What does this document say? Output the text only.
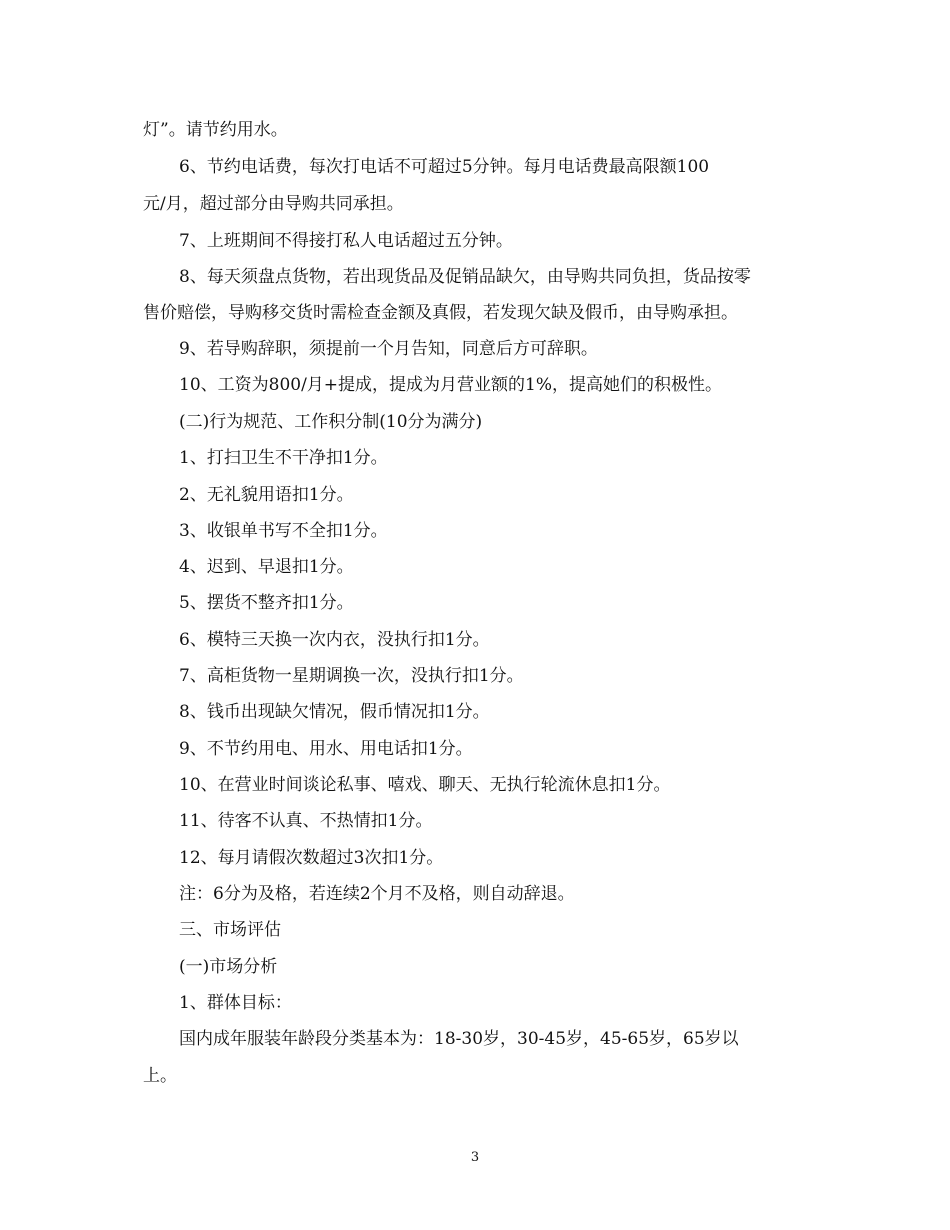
灯”。请节约用水。
6、节约电话费，每次打电话不可超过5分钟。每月电话费最高限额100
元/月，超过部分由导购共同承担。
7、上班期间不得接打私人电话超过五分钟。
8、每天须盘点货物，若出现货品及促销品缺欠，由导购共同负担，货品按零
售价赔偿，导购移交货时需检查金额及真假，若发现欠缺及假币，由导购承担。
9、若导购辞职，须提前一个月告知，同意后方可辞职。
10、工资为800/月+提成，提成为月营业额的1%，提高她们的积极性。
(二)行为规范、工作积分制(10分为满分)
1、打扫卫生不干净扣1分。
2、无礼貌用语扣1分。
3、收银单书写不全扣1分。
4、迟到、早退扣1分。
5、摆货不整齐扣1分。
6、模特三天换一次内衣，没执行扣1分。
7、高柜货物一星期调换一次，没执行扣1分。
8、钱币出现缺欠情况，假币情况扣1分。
9、不节约用电、用水、用电话扣1分。
10、在营业时间谈论私事、嘻戏、聊天、无执行轮流休息扣1分。
11、待客不认真、不热情扣1分。
12、每月请假次数超过3次扣1分。
注：6分为及格，若连续2个月不及格，则自动辞退。
三、市场评估
(一)市场分析
1、群体目标：
国内成年服装年龄段分类基本为：18-30岁，30-45岁，45-65岁，65岁以
上。
3
